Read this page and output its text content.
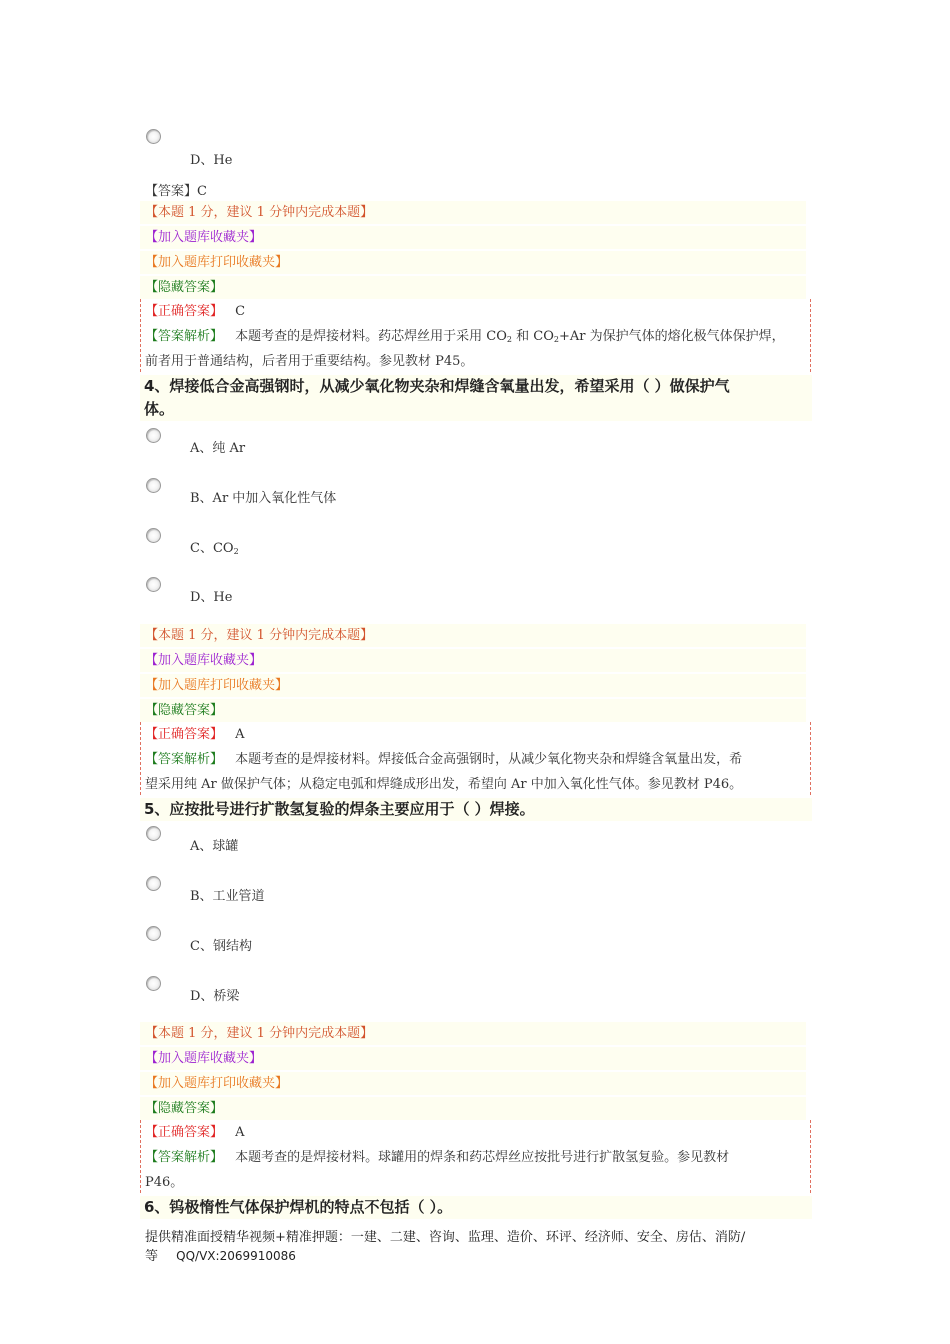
D、He
【答案】C
【本题 1 分，建议 1 分钟内完成本题】
【加入题库收藏夹】
【加入题库打印收藏夹】
【隐藏答案】
【正确答案】 C
【答案解析】 本题考查的是焊接材料。药芯焊丝用于采用 $CO_2$ 和 $CO_2+Ar$ 为保护气体的熔化极气体保护焊，
前者用于普通结构，后者用于重要结构。参见教材 P45。
4、焊接低合金高强钢时，从减少氧化物夹杂和焊缝含氧量出发，希望采用（ ）做保护气
体。
A、纯 Ar
B、Ar 中加入氧化性气体
C、$CO_2$
D、He
【本题 1 分，建议 1 分钟内完成本题】
【加入题库收藏夹】
【加入题库打印收藏夹】
【隐藏答案】
【正确答案】 A
【答案解析】 本题考查的是焊接材料。焊接低合金高强钢时，从减少氧化物夹杂和焊缝含氧量出发，希
望采用纯 Ar 做保护气体；从稳定电弧和焊缝成形出发，希望向 Ar 中加入氧化性气体。参见教材 P46。
5、应按批号进行扩散氢复验的焊条主要应用于（ ）焊接。
A、球罐
B、工业管道
C、钢结构
D、桥梁
【本题 1 分，建议 1 分钟内完成本题】
【加入题库收藏夹】
【加入题库打印收藏夹】
【隐藏答案】
【正确答案】 A
【答案解析】 本题考查的是焊接材料。球罐用的焊条和药芯焊丝应按批号进行扩散氢复验。参见教材
P46。
6、钨极惰性气体保护焊机的特点不包括（ ）。
提供精准面授精华视频+精准押题：一建、二建、咨询、监理、造价、环评、经济师、安全、房估、消防/
等 QQ/VX:2069910086
